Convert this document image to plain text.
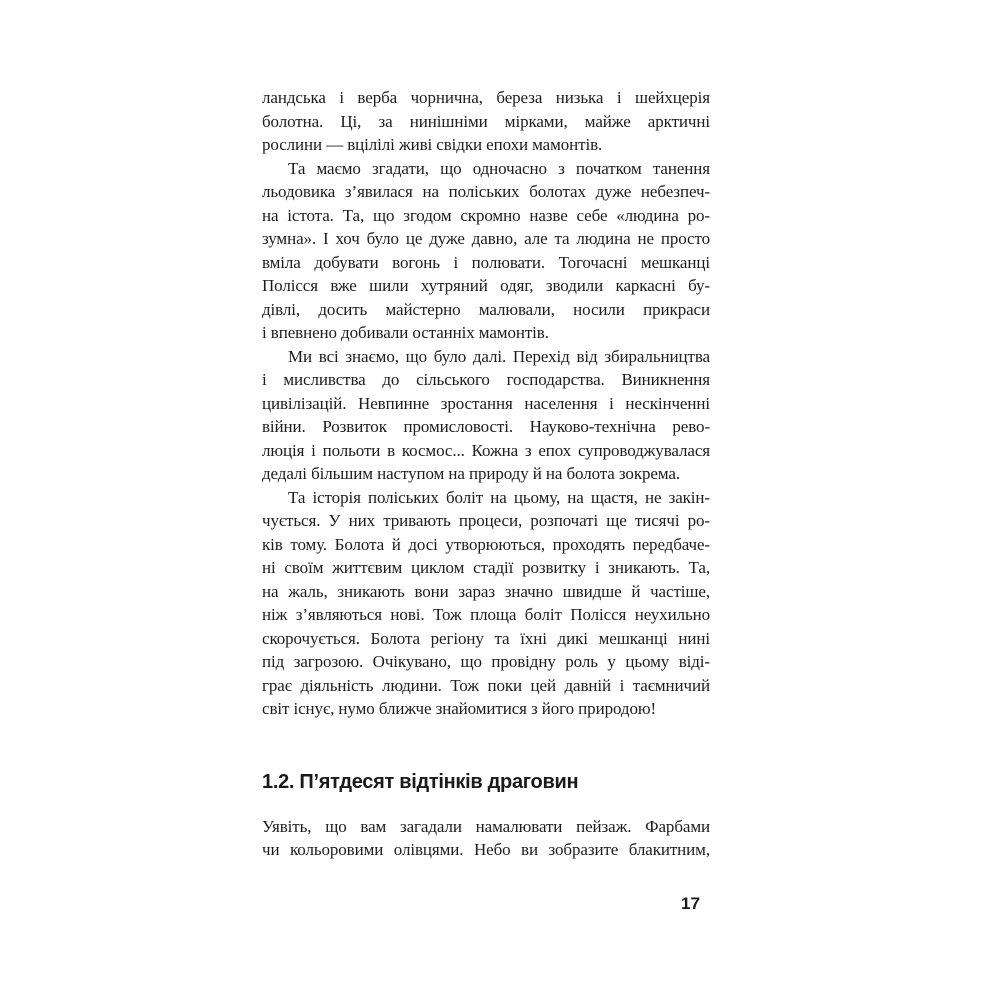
ландська і верба чорнична, береза низька і шейхцерія
болотна. Ці, за нинішніми мірками, майже арктичні
рослини — вцілілі живі свідки епохи мамонтів.
Та маємо згадати, що одночасно з початком танення
льодовика з’явилася на поліських болотах дуже небезпеч-
на істота. Та, що згодом скромно назве себе «людина ро-
зумна». І хоч було це дуже давно, але та людина не просто
вміла добувати вогонь і полювати. Тогочасні мешканці
Полісся вже шили хутряний одяг, зводили каркасні бу-
дівлі, досить майстерно малювали, носили прикраси
і впевнено добивали останніх мамонтів.
Ми всі знаємо, що було далі. Перехід від збиральництва
і мисливства до сільського господарства. Виникнення
цивілізацій. Невпинне зростання населення і нескінченні
війни. Розвиток промисловості. Науково-технічна рево-
люція і польоти в космос... Кожна з епох супроводжувалася
дедалі більшим наступом на природу й на болота зокрема.
Та історія поліських боліт на цьому, на щастя, не закін-
чується. У них тривають процеси, розпочаті ще тисячі ро-
ків тому. Болота й досі утворюються, проходять передбаче-
ні своїм життєвим циклом стадії розвитку і зникають. Та,
на жаль, зникають вони зараз значно швидше й частіше,
ніж з’являються нові. Тож площа боліт Полісся неухильно
скорочується. Болота регіону та їхні дикі мешканці нині
під загрозою. Очікувано, що провідну роль у цьому віді-
грає діяльність людини. Тож поки цей давній і таємничий
світ існує, нумо ближче знайомитися з його природою!
1.2. П’ятдесят відтінків драговин
Уявіть, що вам загадали намалювати пейзаж. Фарбами
чи кольоровими олівцями. Небо ви зобразите блакитним,
17
